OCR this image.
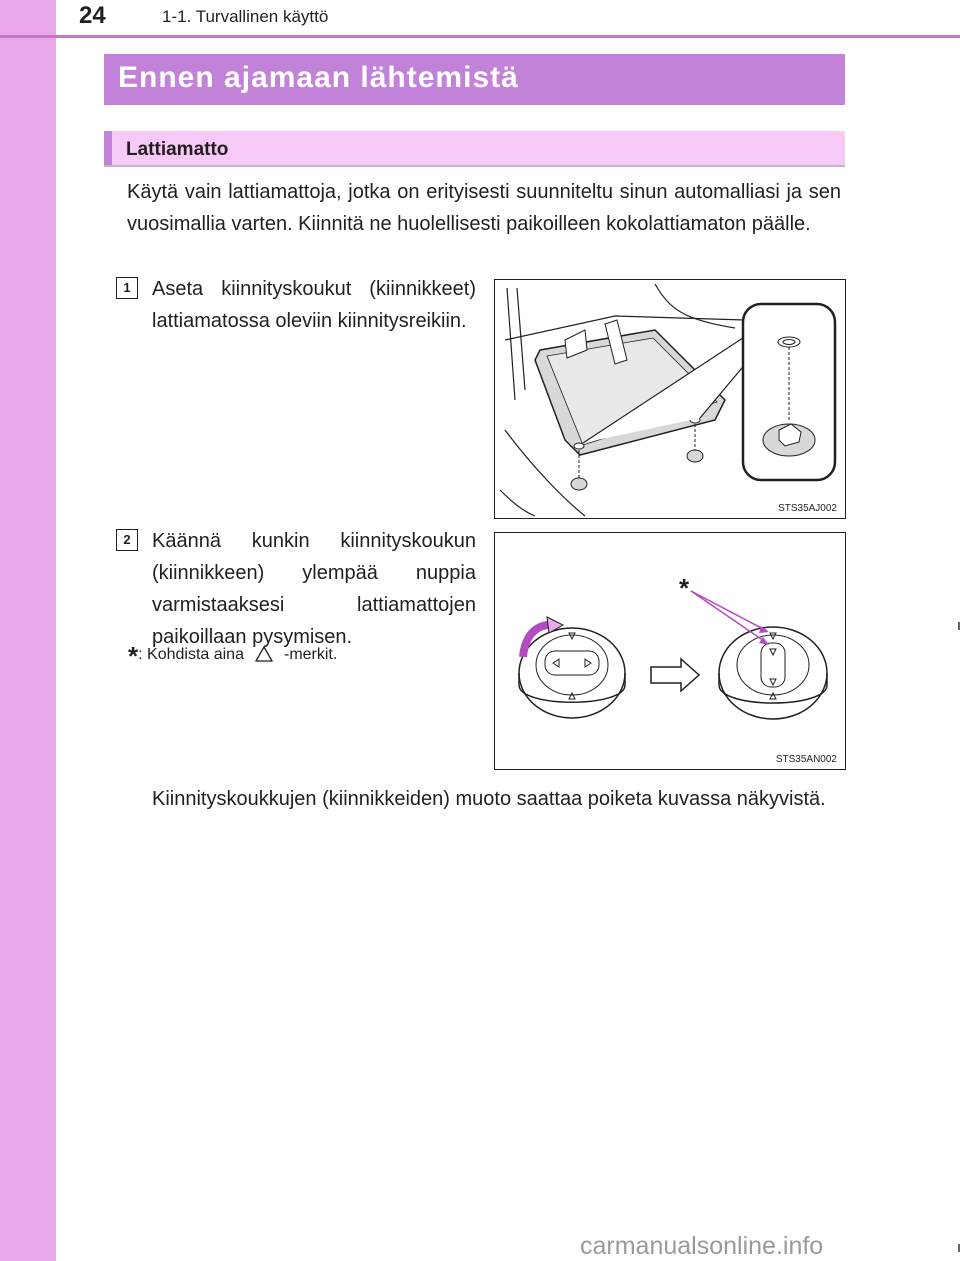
24	1-1. Turvallinen käyttö
Ennen ajamaan lähtemistä
Lattiamatto
Käytä vain lattiamattoja, jotka on erityisesti suunniteltu sinun automalliasi ja sen vuosimallia varten. Kiinnitä ne huolellisesti paikoilleen kokolattiamaton päälle.
1	Aseta kiinnityskoukut (kiinnikkeet) lattiamatossa oleviin kiinnitysreikiin.
STS35AJ002
2	Käännä kunkin kiinnityskoukun (kiinnikkeen) ylempää nuppia varmistaaksesi lattiamattojen paikoillaan pysymisen.
*: Kohdista aina	-merkit.
*
STS35AN002
Kiinnityskoukkujen (kiinnikkeiden) muoto saattaa poiketa kuvassa näkyvistä.
carmanualsonline.info
